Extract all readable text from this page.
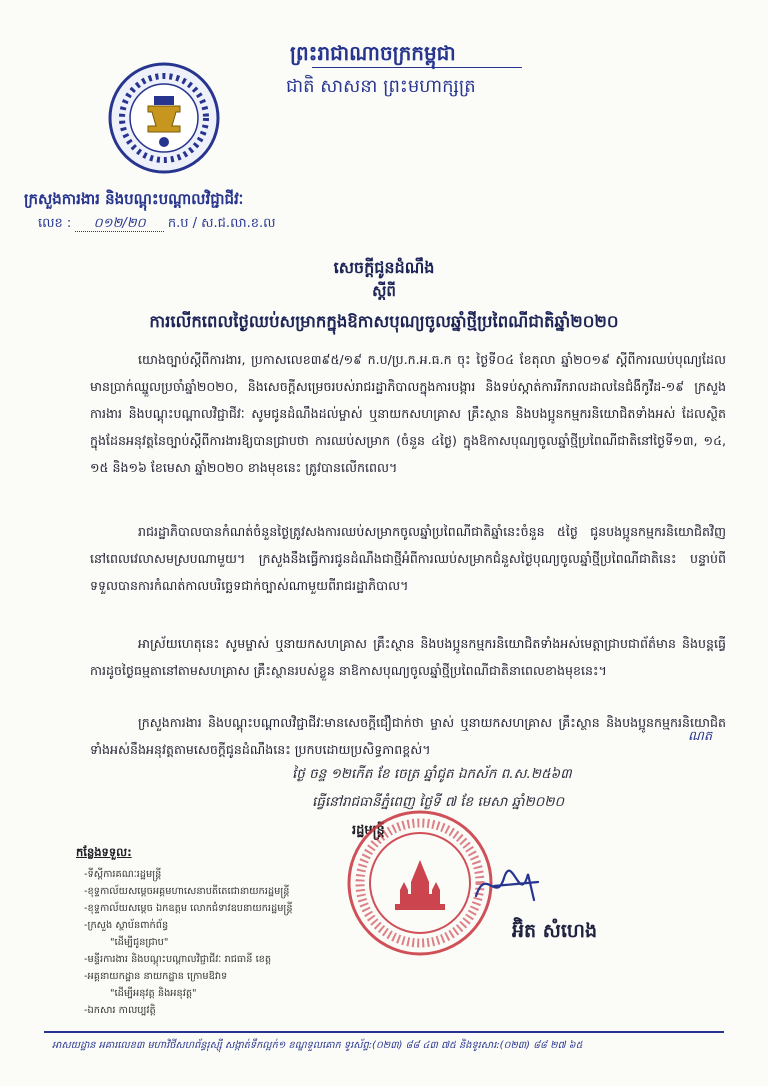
ព្រះរាជាណាចក្រកម្ពុជា
ជាតិ សាសនា ព្រះមហាក្សត្រ
ក្រសួងការងារ និងបណ្តុះបណ្តាលវិជ្ជាជីវៈ
លេខ : ០១២/២០ ក.ប / ស.ជ.លា.ខ.ល
សេចក្តីជូនដំណឹង
ស្តីពី
ការលើកពេលថ្ងៃឈប់សម្រាកក្នុងឱកាសបុណ្យចូលឆ្នាំថ្មីប្រពៃណីជាតិឆ្នាំ២០២០
យោងច្បាប់ស្តីពីការងារ, ប្រកាសលេខ៣៩៥/១៩ ក.ប/ប្រ.ក.អ.ធ.ក ចុះ ថ្ងៃទី០៤ ខែតុលា ឆ្នាំ២០១៩ ស្តីពីការឈប់បុណ្យដែលមានប្រាក់ឈ្នួលប្រចាំឆ្នាំ២០២០, និងសេចក្តីសម្រេចរបស់រាជរដ្ឋាភិបាលក្នុងការបង្ការ និងទប់ស្កាត់ការរីករាលដាលនៃជំងឺកូវីដ-១៩ ក្រសួងការងារ និងបណ្តុះបណ្តាលវិជ្ជាជីវៈ សូមជូនដំណឹងដល់ម្ចាស់ ឬនាយកសហគ្រាស គ្រឹះស្ថាន និងបងប្អូនកម្មករនិយោជិតទាំងអស់ ដែលស្ថិតក្នុងដែនអនុវត្តនៃច្បាប់ស្តីពីការងារឱ្យបានជ្រាបថា ការឈប់សម្រាក (ចំនួន ៤ថ្ងៃ) ក្នុងឱកាសបុណ្យចូលឆ្នាំថ្មីប្រពៃណីជាតិនៅថ្ងៃទី១៣, ១៤, ១៥ និង១៦ ខែមេសា ឆ្នាំ២០២០ ខាងមុខនេះ ត្រូវបានលើកពេល។
រាជរដ្ឋាភិបាលបានកំណត់ចំនួនថ្ងៃត្រូវសងការឈប់សម្រាកចូលឆ្នាំប្រពៃណីជាតិឆ្នាំនេះចំនួន ៥ថ្ងៃ ជូនបងប្អូនកម្មករនិយោជិតវិញ នៅពេលវេលាសមស្របណាមួយ។ ក្រសួងនឹងធ្វើការជូនដំណឹងជាថ្មីអំពីការឈប់សម្រាកជំនួសថ្ងៃបុណ្យចូលឆ្នាំថ្មីប្រពៃណីជាតិនេះ បន្ទាប់ពីទទួលបានការកំណត់កាលបរិច្ឆេទជាក់ច្បាស់ណាមួយពីរាជរដ្ឋាភិបាល។
អាស្រ័យហេតុនេះ សូមម្ចាស់ ឬនាយកសហគ្រាស គ្រឹះស្ថាន និងបងប្អូនកម្មករនិយោជិតទាំងអស់មេត្តាជ្រាបជាព័ត៌មាន និងបន្តធ្វើការដូចថ្ងៃធម្មតានៅតាមសហគ្រាស គ្រឹះស្ថានរបស់ខ្លួន នាឱកាសបុណ្យចូលឆ្នាំថ្មីប្រពៃណីជាតិនាពេលខាងមុខនេះ។
ក្រសួងការងារ និងបណ្តុះបណ្តាលវិជ្ជាជីវៈមានសេចក្តីជឿជាក់ថា ម្ចាស់ ឬនាយកសហគ្រាស គ្រឹះស្ថាន និងបងប្អូនកម្មករនិយោជិតទាំងអស់នឹងអនុវត្តតាមសេចក្តីជូនដំណឹងនេះ ប្រកបដោយប្រសិទ្ធភាពខ្ពស់។
ណត
ថ្ងៃ ចន្ទ ១២កើត ខែ ចេត្រ ឆ្នាំជូត ឯកស័ក ព.ស.២៥៦៣
ធ្វើនៅរាជធានីភ្នំពេញ ថ្ងៃទី ៧ ខែ មេសា ឆ្នាំ២០២០
រដ្ឋមន្ត្រី
អ៊ិត សំហេង
កន្លែងទទួល:
-ទីស្តីការគណៈរដ្ឋមន្ត្រី
-ខុទ្ទកាល័យសម្តេចអគ្គមហាសេនាបតីតេជោនាយករដ្ឋមន្ត្រី
-ខុទ្ទកាល័យសម្តេច ឯកឧត្តម លោកជំទាវឧបនាយករដ្ឋមន្ត្រី
-ក្រសួង ស្ថាប័នពាក់ព័ន្ធ
"ដើម្បីជូនជ្រាប"
-មន្ទីរការងារ និងបណ្តុះបណ្តាលវិជ្ជាជីវៈ រាជធានី ខេត្ត
-អគ្គនាយកដ្ឋាន នាយកដ្ឋាន ក្រោមឱវាទ
"ដើម្បីអនុវត្ត និងអនុវត្ត"
-ឯកសារ កាលប្បវត្តិ
អាសយដ្ឋាន អគារលេខ៣ មហាវិថីសហព័ន្ធរុស្ស៊ី សង្កាត់ទឹកល្អក់១ ខណ្ឌទួលគោក ទូរស័ព្ទ:(០២៣) ៨៨ ៤៣ ៧៥ និងទូរសារ:(០២៣) ៨៨ ២៧ ៦៥
